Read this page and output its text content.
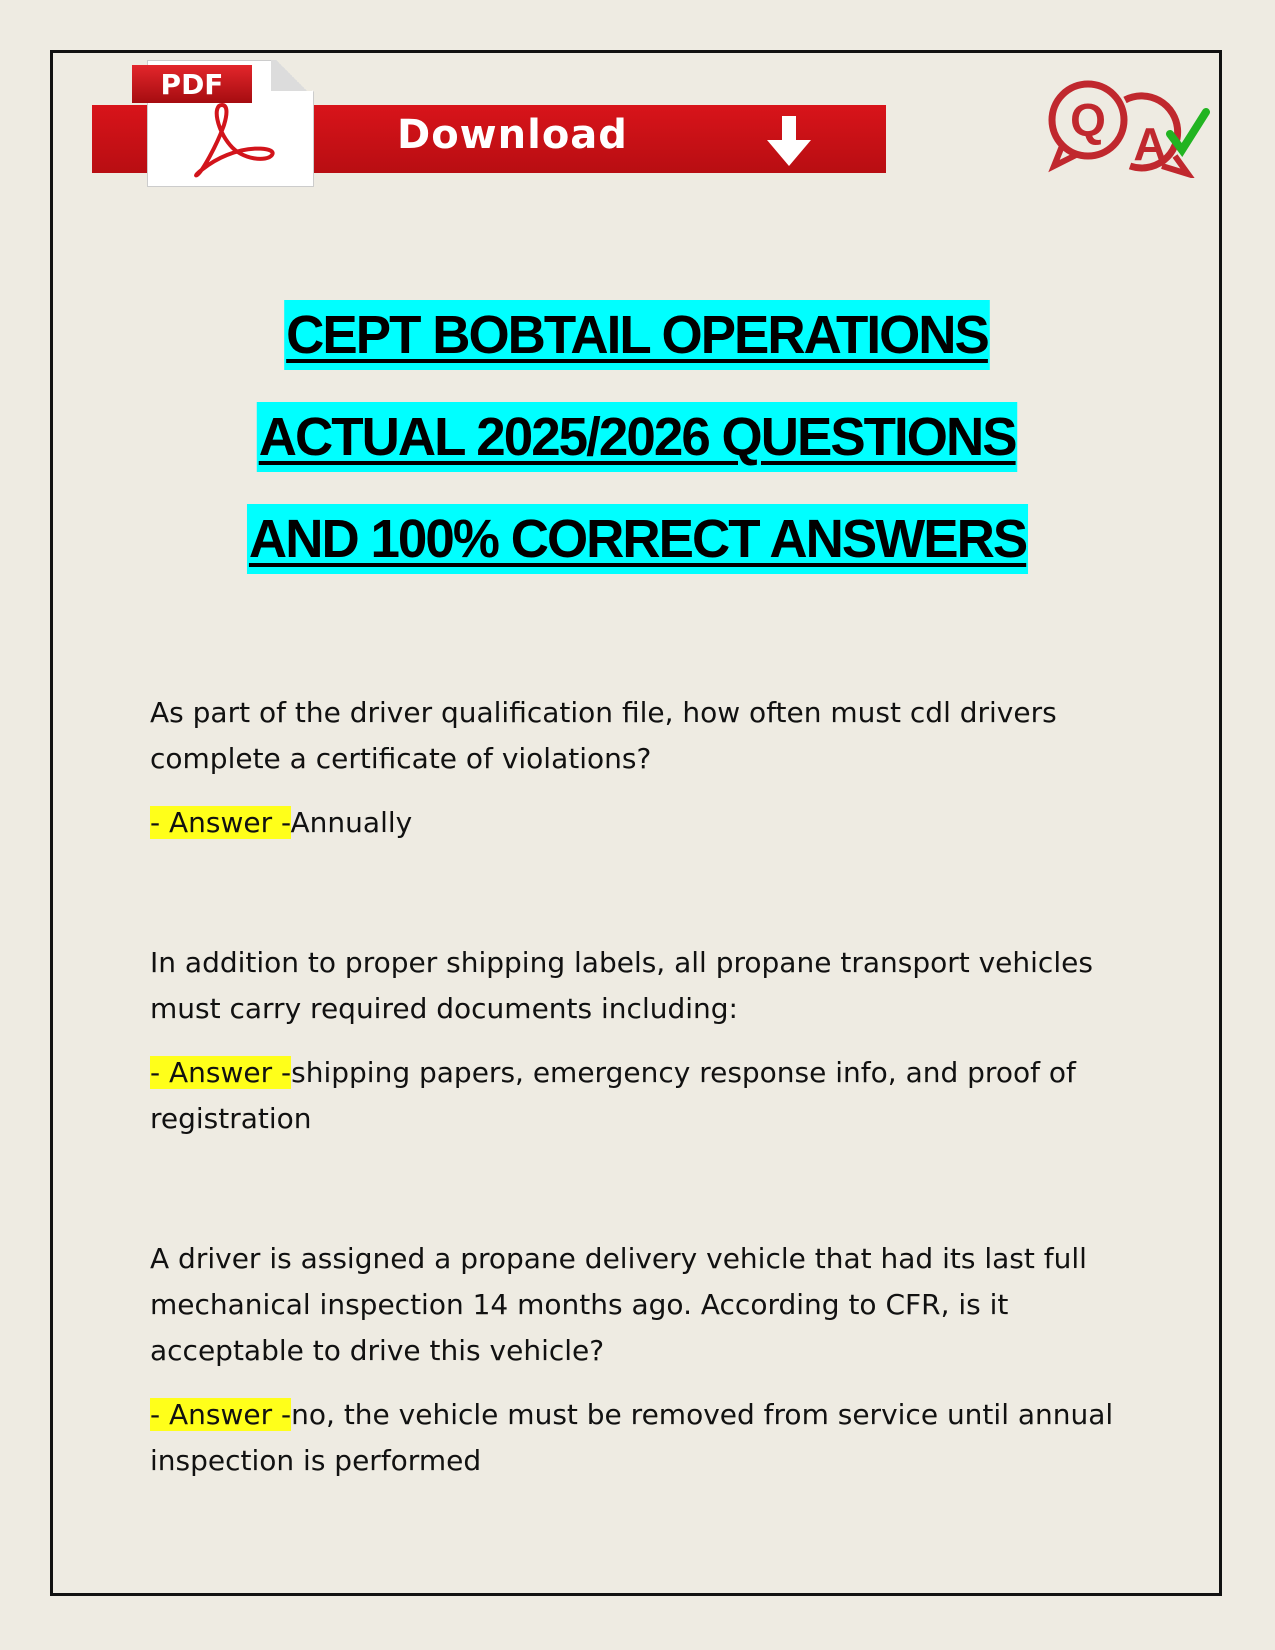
PDF
Download	Q A
CEPT BOBTAIL OPERATIONS
ACTUAL 2025/2026 QUESTIONS
AND 100% CORRECT ANSWERS

As part of the driver qualification file, how often must cdl drivers complete a certificate of violations?

- Answer -Annually

In addition to proper shipping labels, all propane transport vehicles must carry required documents including:

- Answer -shipping papers, emergency response info, and proof of registration

A driver is assigned a propane delivery vehicle that had its last full mechanical inspection 14 months ago. According to CFR, is it acceptable to drive this vehicle?

- Answer -no, the vehicle must be removed from service until annual inspection is performed
